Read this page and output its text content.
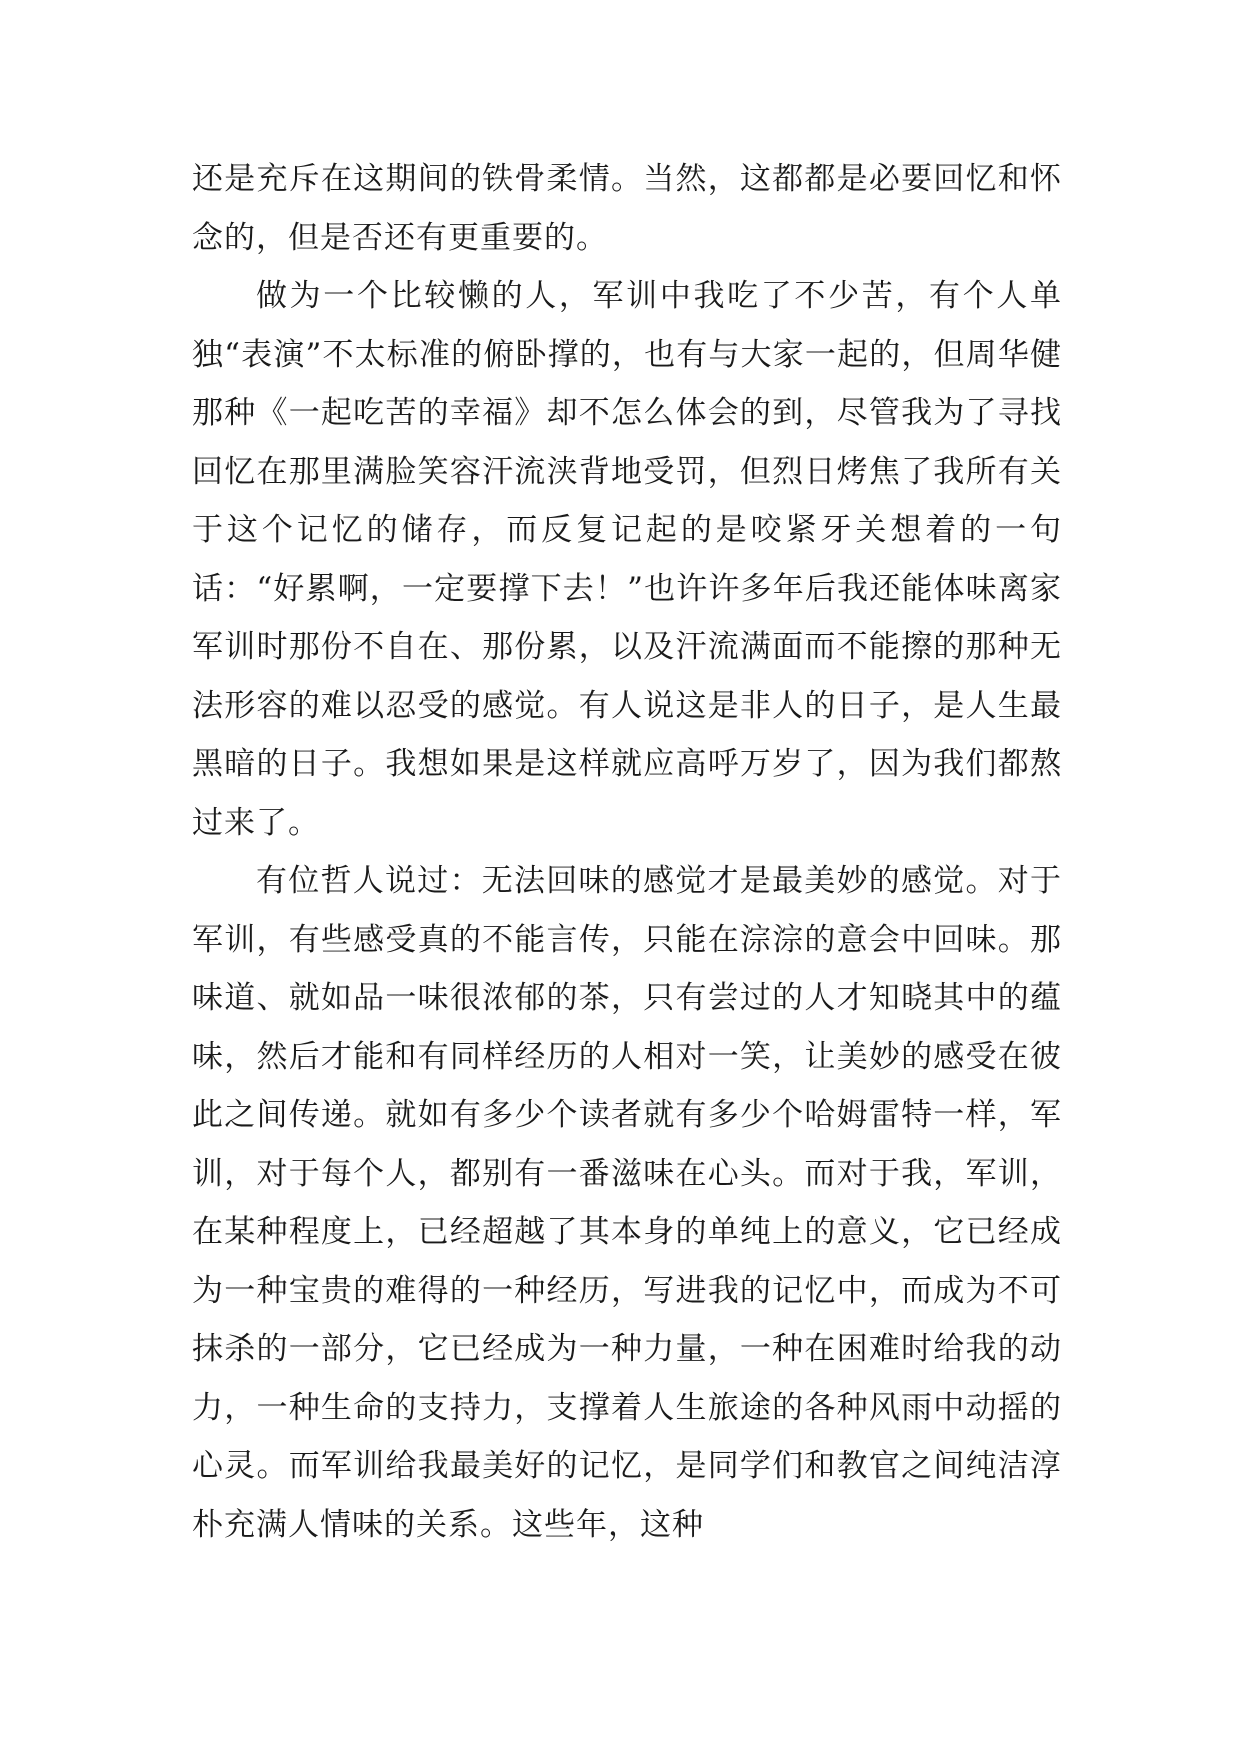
还是充斥在这期间的铁骨柔情。当然，这都都是必要回忆和怀念的，但是否还有更重要的。

做为一个比较懒的人，军训中我吃了不少苦，有个人单独“表演”不太标准的俯卧撑的，也有与大家一起的，但周华健那种《一起吃苦的幸福》却不怎么体会的到，尽管我为了寻找回忆在那里满脸笑容汗流浃背地受罚，但烈日烤焦了我所有关于这个记忆的储存，而反复记起的是咬紧牙关想着的一句话：“好累啊，一定要撑下去！”也许许多年后我还能体味离家军训时那份不自在、那份累，以及汗流满面而不能擦的那种无法形容的难以忍受的感觉。有人说这是非人的日子，是人生最黑暗的日子。我想如果是这样就应高呼万岁了，因为我们都熬过来了。

有位哲人说过：无法回味的感觉才是最美妙的感觉。对于军训，有些感受真的不能言传，只能在淙淙的意会中回味。那味道、就如品一味很浓郁的茶，只有尝过的人才知晓其中的蕴味，然后才能和有同样经历的人相对一笑，让美妙的感受在彼此之间传递。就如有多少个读者就有多少个哈姆雷特一样，军训，对于每个人，都别有一番滋味在心头。而对于我，军训，在某种程度上，已经超越了其本身的单纯上的意义，它已经成为一种宝贵的难得的一种经历，写进我的记忆中，而成为不可抹杀的一部分，它已经成为一种力量，一种在困难时给我的动力，一种生命的支持力，支撑着人生旅途的各种风雨中动摇的心灵。而军训给我最美好的记忆，是同学们和教官之间纯洁淳朴充满人情味的关系。这些年，这种
